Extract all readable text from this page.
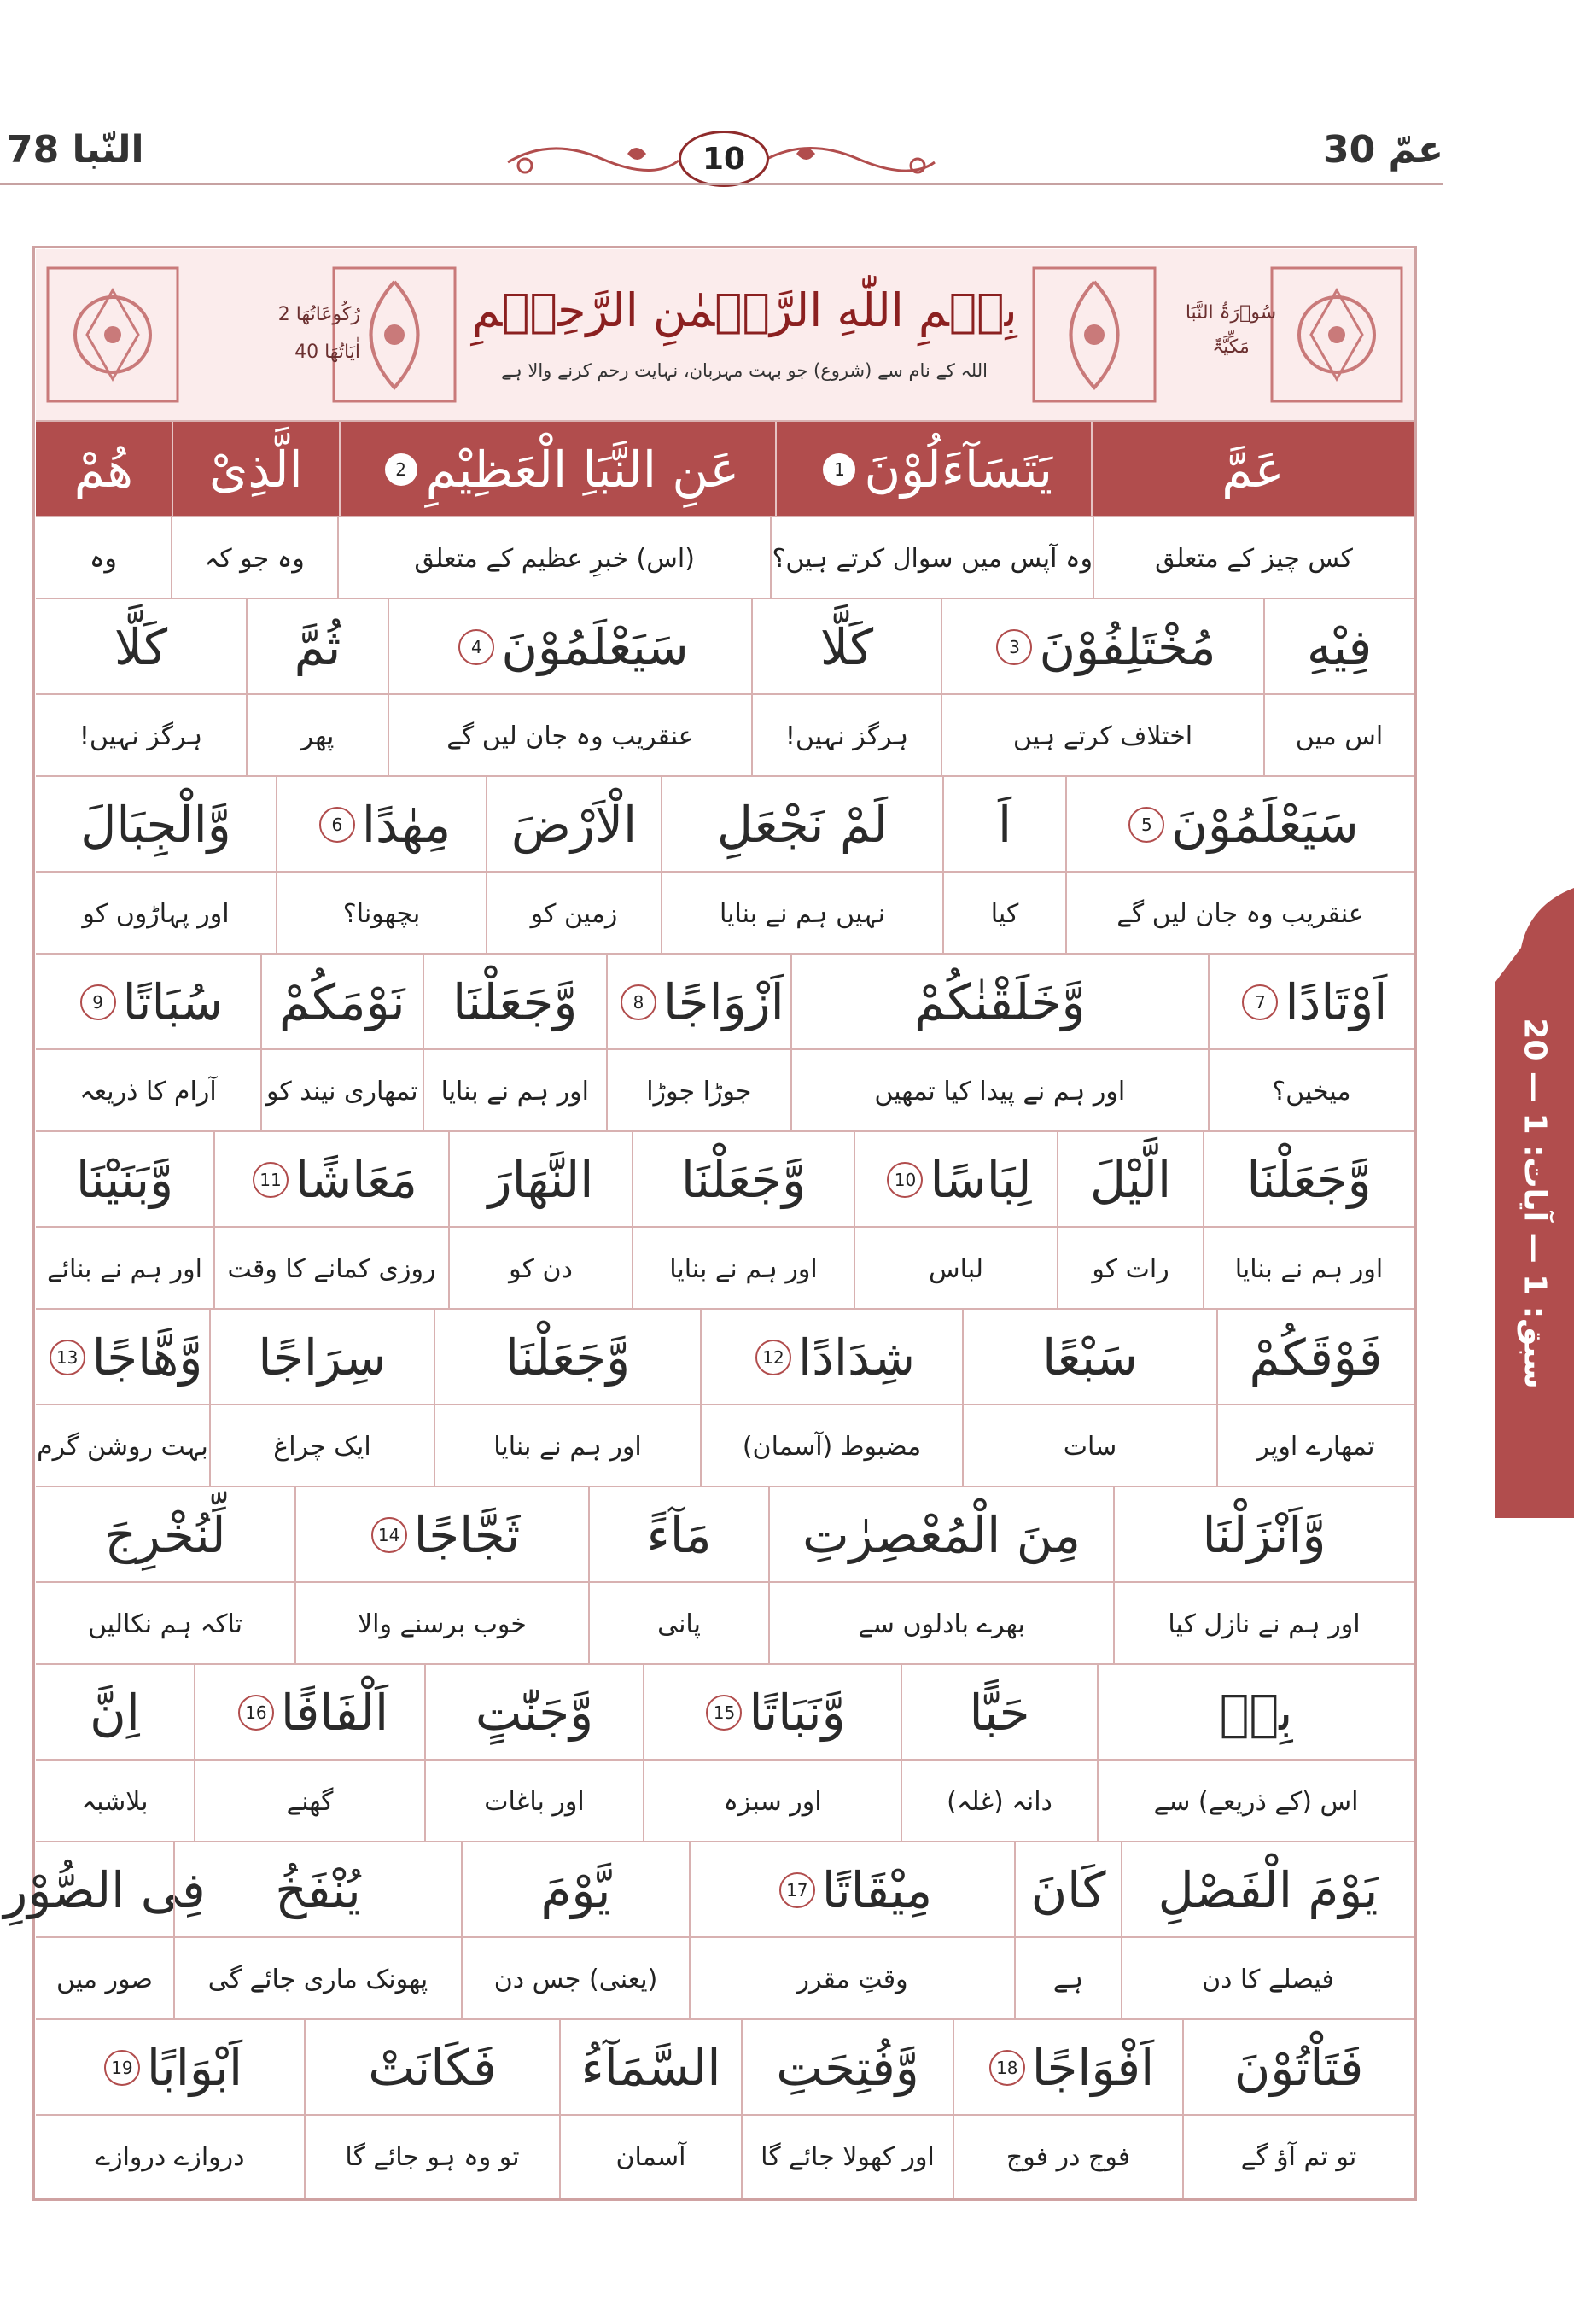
النّبا 78	10	عمّ 30
سبق: 1 — آیات: 1 — 20
رُكُوعَاتُهَا 2
اٰيَاتُهَا 40
بِسۡمِ اللّٰهِ الرَّحۡمٰنِ الرَّحِیۡمِ
اللہ کے نام سے (شروع) جو بہت مہربان، نہایت رحم کرنے والا ہے
سُوۡرَۃُ النَّبَا
مَکِّیَّۃٌ
عَمَّ
يَتَسَآءَلُوْنَ
1
عَنِ النَّبَاِ الْعَظِيْمِ
2
الَّذِىْ
هُمْ
کس چیز کے متعلق
وہ آپس میں سوال کرتے ہیں؟
(اس) خبرِ عظیم کے متعلق
وہ جو کہ
وہ
فِيْهِ
مُخْتَلِفُوْنَ
3
كَلَّا
سَيَعْلَمُوْنَ
4
ثُمَّ
كَلَّا
اس میں
اختلاف کرتے ہیں
ہرگز نہیں!
عنقریب وہ جان لیں گے
پھر
ہرگز نہیں!
سَيَعْلَمُوْنَ
5
اَ
لَمْ نَجْعَلِ
الْاَرْضَ
مِهٰدًا
6
وَّالْجِبَالَ
عنقریب وہ جان لیں گے
کیا
نہیں ہم نے بنایا
زمین کو
بچھونا؟
اور پہاڑوں کو
اَوْتَادًا
7
وَّخَلَقْنٰكُمْ
اَزْوَاجًا
8
وَّجَعَلْنَا
نَوْمَكُمْ
سُبَاتًا
9
میخیں؟
اور ہم نے پیدا کیا تمھیں
جوڑا جوڑا
اور ہم نے بنایا
تمھاری نیند کو
آرام کا ذریعہ
وَّجَعَلْنَا
الَّيْلَ
لِبَاسًا
10
وَّجَعَلْنَا
النَّهَارَ
مَعَاشًا
11
وَّبَنَيْنَا
اور ہم نے بنایا
رات کو
لباس
اور ہم نے بنایا
دن کو
روزی کمانے کا وقت
اور ہم نے بنائے
فَوْقَكُمْ
سَبْعًا
شِدَادًا
12
وَّجَعَلْنَا
سِرَاجًا
وَّهَّاجًا
13
تمھارے اوپر
سات
مضبوط (آسمان)
اور ہم نے بنایا
ایک چراغ
بہت روشن گرم
وَّاَنْزَلْنَا
مِنَ الْمُعْصِرٰتِ
مَآءً
ثَجَّاجًا
14
لِّنُخْرِجَ
اور ہم نے نازل کیا
بھرے بادلوں سے
پانی
خوب برسنے والا
تاکہ ہم نکالیں
بِهٖ
حَبًّا
وَّنَبَاتًا
15
وَّجَنّٰتٍ
اَلْفَافًا
16
اِنَّ
اس (کے ذریعے) سے
دانہ (غلہ)
اور سبزہ
اور باغات
گھنے
بلاشبہ
يَوْمَ الْفَصْلِ
كَانَ
مِيْقَاتًا
17
يَّوْمَ
يُنْفَخُ
فِى الصُّوْرِ
فیصلے کا دن
ہے
وقتِ مقرر
(یعنی) جس دن
پھونک ماری جائے گی
صور میں
فَتَاْتُوْنَ
اَفْوَاجًا
18
وَّفُتِحَتِ
السَّمَآءُ
فَكَانَتْ
اَبْوَابًا
19
تو تم آؤ گے
فوج در فوج
اور کھولا جائے گا
آسمان
تو وہ ہو جائے گا
دروازے دروازے
